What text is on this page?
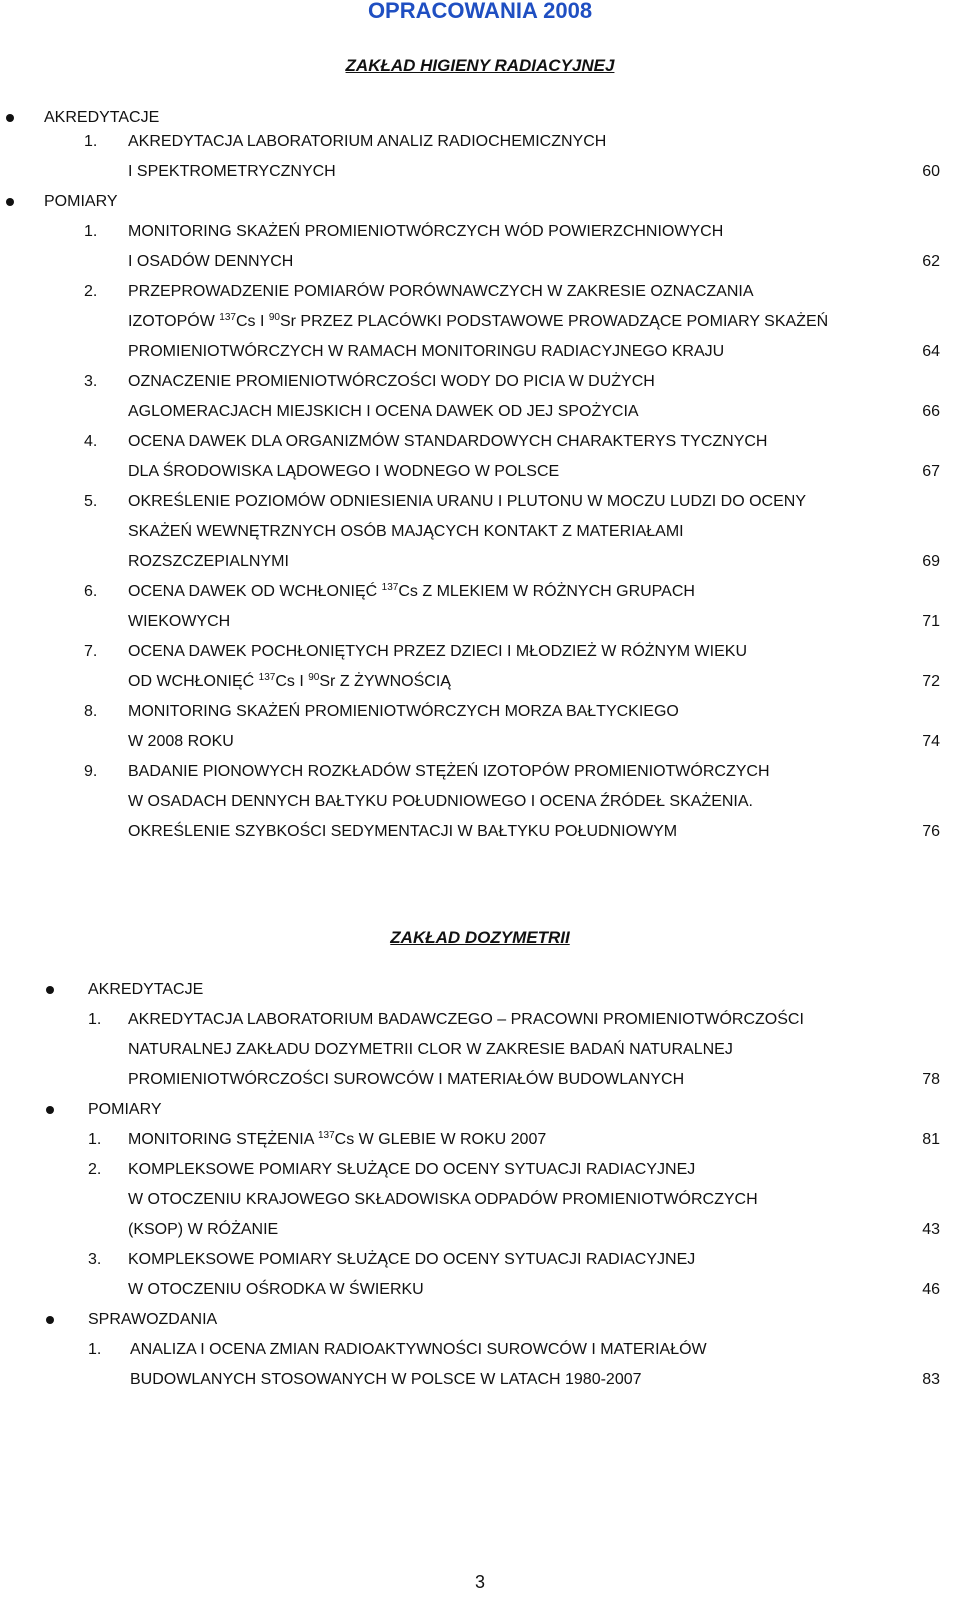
OPRACOWANIA 2008
ZAKŁAD HIGIENY RADIACYJNEJ
AKREDYTACJE
1. AKREDYTACJA LABORATORIUM ANALIZ RADIOCHEMICZNYCH
I SPEKTROMETRYCZNYCH	60
POMIARY
1. MONITORING SKAŻEŃ PROMIENIOTWÓRCZYCH WÓD POWIERZCHNIOWYCH
I OSADÓW DENNYCH	62
2. PRZEPROWADZENIE POMIARÓW PORÓWNAWCZYCH W ZAKRESIE OZNACZANIA
IZOTOPÓW $^{137}$Cs I $^{90}$Sr PRZEZ PLACÓWKI PODSTAWOWE PROWADZĄCE POMIARY SKAŻEŃ
PROMIENIOTWÓRCZYCH W RAMACH MONITORINGU RADIACYJNEGO KRAJU	64
3. OZNACZENIE PROMIENIOTWÓRCZOŚCI WODY DO PICIA W DUŻYCH
AGLOMERACJACH MIEJSKICH I OCENA DAWEK OD JEJ SPOŻYCIA	66
4. OCENA DAWEK DLA ORGANIZMÓW STANDARDOWYCH CHARAKTERYS TYCZNYCH
DLA ŚRODOWISKA LĄDOWEGO I WODNEGO W POLSCE	67
5. OKREŚLENIE POZIOMÓW ODNIESIENIA URANU I PLUTONU W MOCZU LUDZI DO OCENY
SKAŻEŃ WEWNĘTRZNYCH OSÓB MAJĄCYCH KONTAKT Z MATERIAŁAMI
ROZSZCZEPIALNYMI	69
6. OCENA DAWEK OD WCHŁONIĘĆ $^{137}$Cs Z MLEKIEM W RÓŻNYCH GRUPACH
WIEKOWYCH	71
7. OCENA DAWEK POCHŁONIĘTYCH PRZEZ DZIECI I MŁODZIEŻ W RÓŻNYM WIEKU
OD WCHŁONIĘĆ $^{137}$Cs I $^{90}$Sr Z ŻYWNOŚCIĄ	72
8. MONITORING SKAŻEŃ PROMIENIOTWÓRCZYCH MORZA BAŁTYCKIEGO
W 2008 ROKU	74
9. BADANIE PIONOWYCH ROZKŁADÓW STĘŻEŃ IZOTOPÓW PROMIENIOTWÓRCZYCH
W OSADACH DENNYCH BAŁTYKU POŁUDNIOWEGO I OCENA ŹRÓDEŁ SKAŻENIA.
OKREŚLENIE SZYBKOŚCI SEDYMENTACJI W BAŁTYKU POŁUDNIOWYM	76
ZAKŁAD DOZYMETRII
AKREDYTACJE
1. AKREDYTACJA LABORATORIUM BADAWCZEGO – PRACOWNI PROMIENIOTWÓRCZOŚCI
NATURALNEJ ZAKŁADU DOZYMETRII CLOR W ZAKRESIE BADAŃ NATURALNEJ
PROMIENIOTWÓRCZOŚCI SUROWCÓW I MATERIAŁÓW BUDOWLANYCH	78
POMIARY
1. MONITORING STĘŻENIA $^{137}$Cs W GLEBIE W ROKU 2007	81
2. KOMPLEKSOWE POMIARY SŁUŻĄCE DO OCENY SYTUACJI RADIACYJNEJ
W OTOCZENIU KRAJOWEGO SKŁADOWISKA ODPADÓW PROMIENIOTWÓRCZYCH
(KSOP) W RÓŻANIE	43
3. KOMPLEKSOWE POMIARY SŁUŻĄCE DO OCENY SYTUACJI RADIACYJNEJ
W OTOCZENIU OŚRODKA W ŚWIERKU	46
SPRAWOZDANIA
1. ANALIZA I OCENA ZMIAN RADIOAKTYWNOŚCI SUROWCÓW I MATERIAŁÓW
BUDOWLANYCH STOSOWANYCH W POLSCE W LATACH 1980-2007	83
3
